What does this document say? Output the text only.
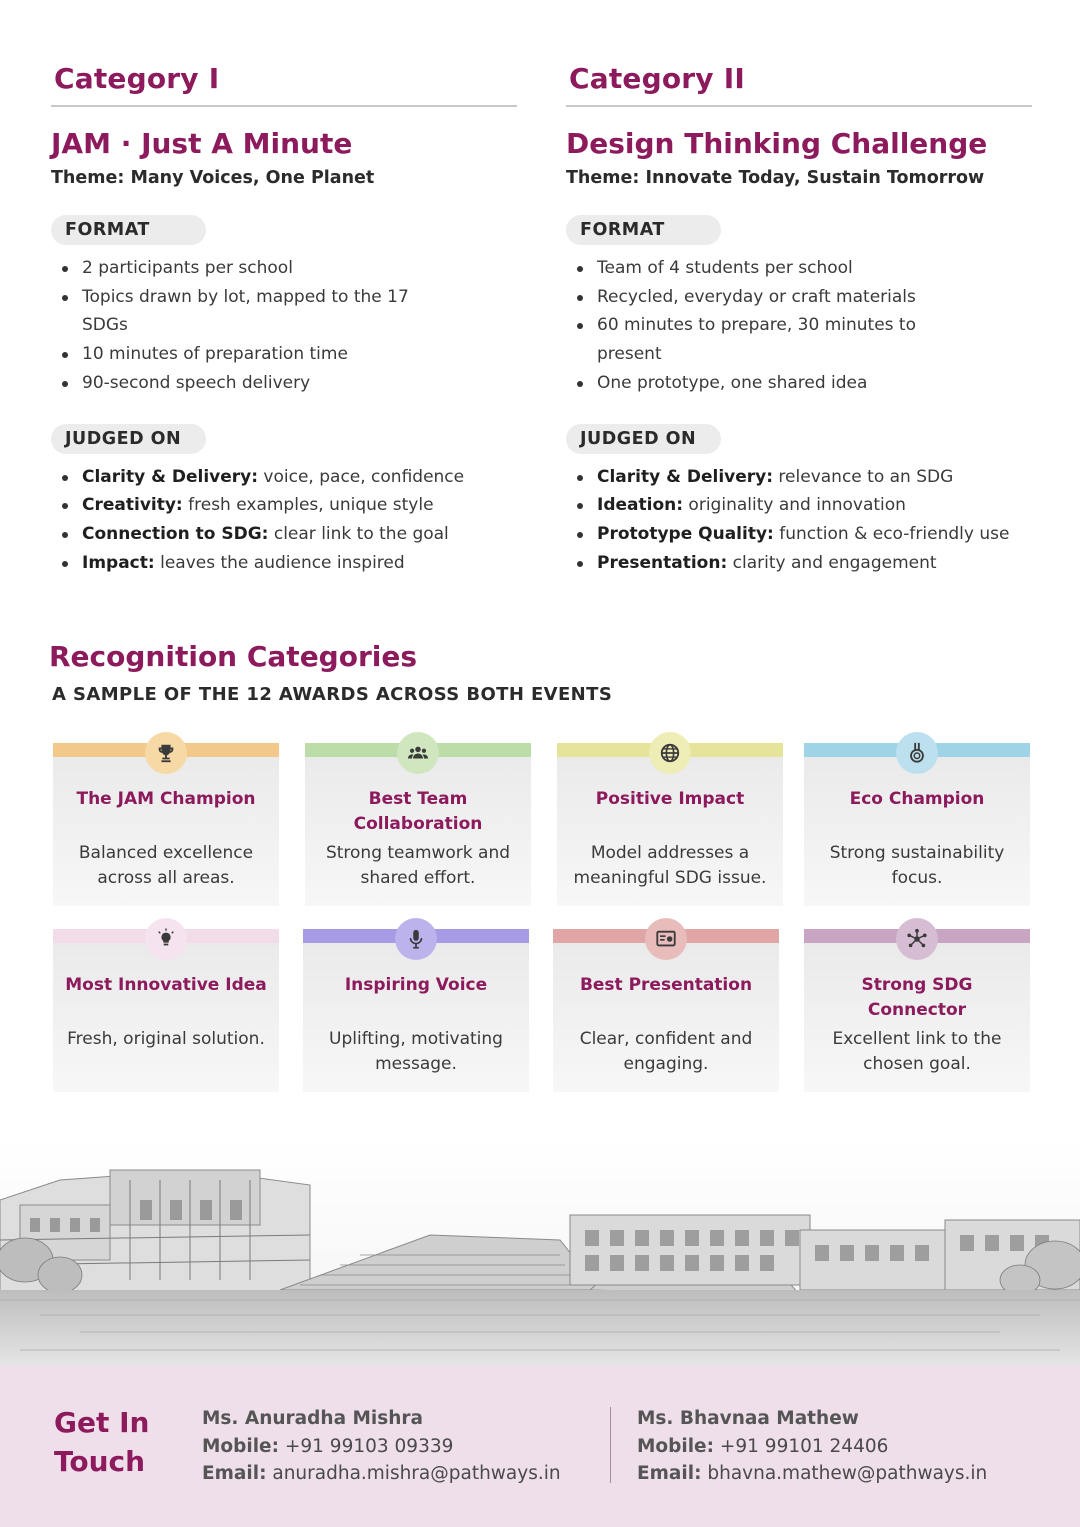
Category I
JAM · Just A Minute
Theme: Many Voices, One Planet
FORMAT
2 participants per school
Topics drawn by lot, mapped to the 17 SDGs
10 minutes of preparation time
90-second speech delivery
JUDGED ON
Clarity & Delivery: voice, pace, confidence
Creativity: fresh examples, unique style
Connection to SDG: clear link to the goal
Impact: leaves the audience inspired
Category II
Design Thinking Challenge
Theme: Innovate Today, Sustain Tomorrow
FORMAT
Team of 4 students per school
Recycled, everyday or craft materials
60 minutes to prepare, 30 minutes to present
One prototype, one shared idea
JUDGED ON
Clarity & Delivery: relevance to an SDG
Ideation: originality and innovation
Prototype Quality: function & eco-friendly use
Presentation: clarity and engagement
Recognition Categories
A SAMPLE OF THE 12 AWARDS ACROSS BOTH EVENTS
The JAM Champion
Balanced excellence across all areas.
Best Team Collaboration
Strong teamwork and shared effort.
Positive Impact
Model addresses a meaningful SDG issue.
Eco Champion
Strong sustainability focus.
Most Innovative Idea
Fresh, original solution.
Inspiring Voice
Uplifting, motivating message.
Best Presentation
Clear, confident and engaging.
Strong SDG Connector
Excellent link to the chosen goal.
Get In Touch
Ms. Anuradha Mishra
Mobile: +91 99103 09339
Email: anuradha.mishra@pathways.in
Ms. Bhavnaa Mathew
Mobile: +91 99101 24406
Email: bhavna.mathew@pathways.in
